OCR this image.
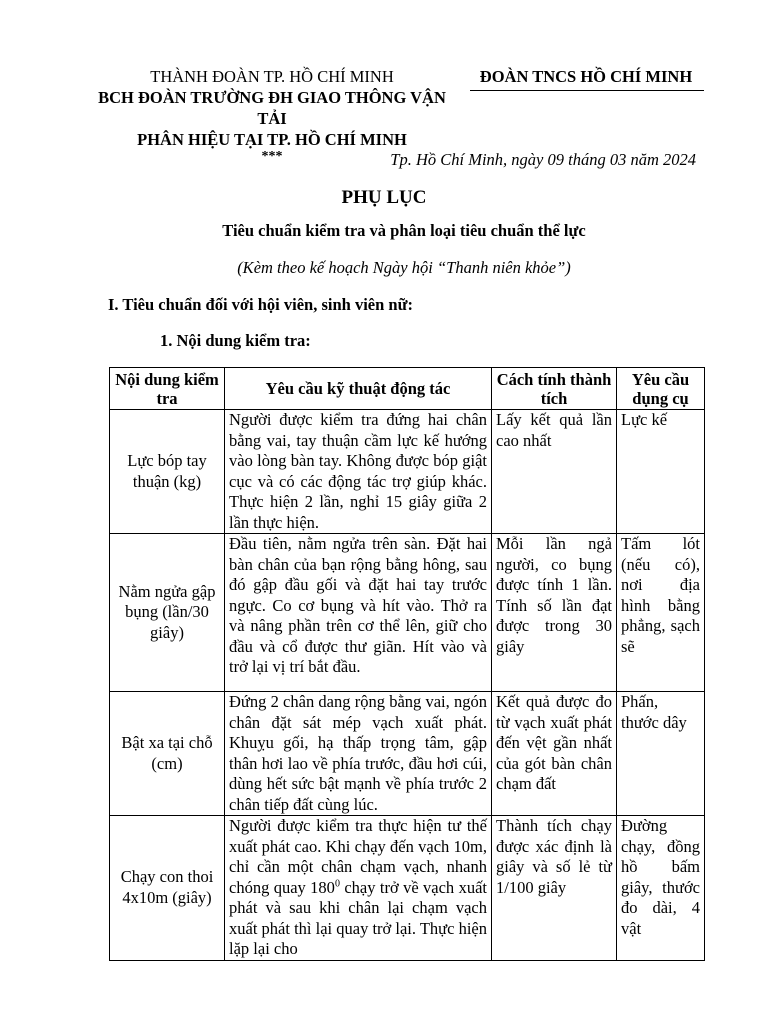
THÀNH ĐOÀN TP. HỒ CHÍ MINH
BCH ĐOÀN TRƯỜNG ĐH GIAO THÔNG VẬN TẢI
PHÂN HIỆU TẠI TP. HỒ CHÍ MINH
***
ĐOÀN TNCS HỒ CHÍ MINH
Tp. Hồ Chí Minh, ngày 09 tháng 03 năm 2024
PHỤ LỤC
Tiêu chuẩn kiểm tra và phân loại tiêu chuẩn thể lực
(Kèm theo kế hoạch Ngày hội “Thanh niên khỏe”)
I. Tiêu chuẩn đối với hội viên, sinh viên nữ:
1. Nội dung kiểm tra:
Nội dung kiểm tra	Yêu cầu kỹ thuật động tác	Cách tính thành tích	Yêu cầu dụng cụ
Lực bóp tay thuận (kg)	Người được kiểm tra đứng hai chân bằng vai, tay thuận cầm lực kế hướng vào lòng bàn tay. Không được bóp giật cục và có các động tác trợ giúp khác. Thực hiện 2 lần, nghỉ 15 giây giữa 2 lần thực hiện.	Lấy kết quả lần cao nhất	Lực kế
Nằm ngửa gập bụng (lần/30 giây)	Đầu tiên, nằm ngửa trên sàn. Đặt hai bàn chân của bạn rộng bằng hông, sau đó gập đầu gối và đặt hai tay trước ngực. Co cơ bụng và hít vào. Thở ra và nâng phần trên cơ thể lên, giữ cho đầu và cổ được thư giãn. Hít vào và trở lại vị trí bắt đầu.	Mỗi lần ngả người, co bụng được tính 1 lần. Tính số lần đạt được trong 30 giây	Tấm lót (nếu có), nơi địa hình bằng phẳng, sạch sẽ
Bật xa tại chỗ (cm)	Đứng 2 chân dang rộng bằng vai, ngón chân đặt sát mép vạch xuất phát. Khuỵu gối, hạ thấp trọng tâm, gập thân hơi lao về phía trước, đầu hơi cúi, dùng hết sức bật mạnh về phía trước 2 chân tiếp đất cùng lúc.	Kết quả được đo từ vạch xuất phát đến vệt gần nhất của gót bàn chân chạm đất	Phấn, thước dây
Chạy con thoi 4x10m (giây)	Người được kiểm tra thực hiện tư thế xuất phát cao. Khi chạy đến vạch 10m, chỉ cần một chân chạm vạch, nhanh chóng quay $180^0$ chạy trở về vạch xuất phát và sau khi chân lại chạm vạch xuất phát thì lại quay trở lại. Thực hiện lặp lại cho	Thành tích chạy được xác định là giây và số lẻ từ 1/100 giây	Đường chạy, đồng hồ bấm giây, thước đo dài, 4 vật
